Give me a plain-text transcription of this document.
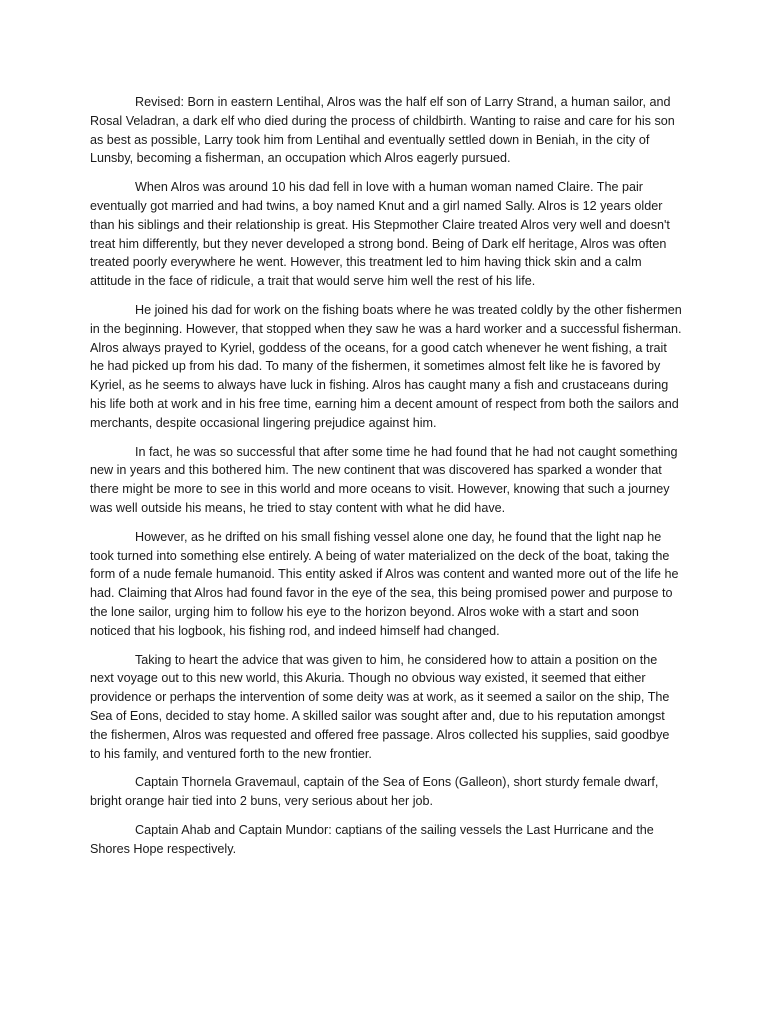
Revised: Born in eastern Lentihal, Alros was the half elf son of Larry Strand, a human sailor, and Rosal Veladran, a dark elf who died during the process of childbirth. Wanting to raise and care for his son as best as possible, Larry took him from Lentihal and eventually settled down in Beniah, in the city of Lunsby, becoming a fisherman, an occupation which Alros eagerly pursued.

When Alros was around 10 his dad fell in love with a human woman named Claire. The pair eventually got married and had twins, a boy named Knut and a girl named Sally. Alros is 12 years older than his siblings and their relationship is great. His Stepmother Claire treated Alros very well and doesn't treat him differently, but they never developed a strong bond. Being of Dark elf heritage, Alros was often treated poorly everywhere he went. However, this treatment led to him having thick skin and a calm attitude in the face of ridicule, a trait that would serve him well the rest of his life.

He joined his dad for work on the fishing boats where he was treated coldly by the other fishermen in the beginning. However, that stopped when they saw he was a hard worker and a successful fisherman. Alros always prayed to Kyriel, goddess of the oceans, for a good catch whenever he went fishing, a trait he had picked up from his dad. To many of the fishermen, it sometimes almost felt like he is favored by Kyriel, as he seems to always have luck in fishing. Alros has caught many a fish and crustaceans during his life both at work and in his free time, earning him a decent amount of respect from both the sailors and merchants, despite occasional lingering prejudice against him.

In fact, he was so successful that after some time he had found that he had not caught something new in years and this bothered him. The new continent that was discovered has sparked a wonder that there might be more to see in this world and more oceans to visit. However, knowing that such a journey was well outside his means, he tried to stay content with what he did have.

However, as he drifted on his small fishing vessel alone one day, he found that the light nap he took turned into something else entirely. A being of water materialized on the deck of the boat, taking the form of a nude female humanoid. This entity asked if Alros was content and wanted more out of the life he had. Claiming that Alros had found favor in the eye of the sea, this being promised power and purpose to the lone sailor, urging him to follow his eye to the horizon beyond. Alros woke with a start and soon noticed that his logbook, his fishing rod, and indeed himself had changed.

Taking to heart the advice that was given to him, he considered how to attain a position on the next voyage out to this new world, this Akuria. Though no obvious way existed, it seemed that either providence or perhaps the intervention of some deity was at work, as it seemed a sailor on the ship, The Sea of Eons, decided to stay home. A skilled sailor was sought after and, due to his reputation amongst the fishermen, Alros was requested and offered free passage. Alros collected his supplies, said goodbye to his family, and ventured forth to the new frontier.

Captain Thornela Gravemaul, captain of the Sea of Eons (Galleon), short sturdy female dwarf, bright orange hair tied into 2 buns, very serious about her job.

Captain Ahab and Captain Mundor: captians of the sailing vessels the Last Hurricane and the Shores Hope respectively.
